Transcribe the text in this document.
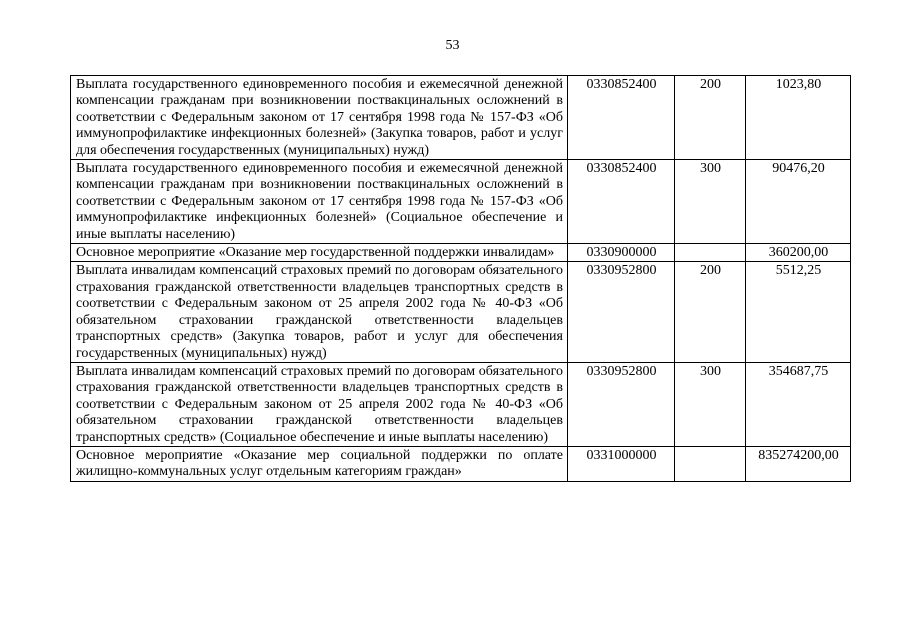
53
Выплата государственного единовременного пособия и ежемесячной денежной компенсации гражданам при возникновении поствакцинальных осложнений в соответствии с Федеральным законом от 17 сентября 1998 года № 157-ФЗ «Об иммунопрофилактике инфекционных болезней» (Закупка товаров, работ и услуг для обеспечения государственных (муниципальных) нужд)	0330852400	200	1023,80
Выплата государственного единовременного пособия и ежемесячной денежной компенсации гражданам при возникновении поствакцинальных осложнений в соответствии с Федеральным законом от 17 сентября 1998 года № 157-ФЗ «Об иммунопрофилактике инфекционных болезней» (Социальное обеспечение и иные выплаты населению)	0330852400	300	90476,20
Основное мероприятие «Оказание мер государственной поддержки инвалидам»	0330900000		360200,00
Выплата инвалидам компенсаций страховых премий по договорам обязательного страхования гражданской ответственности владельцев транспортных средств в соответствии с Федеральным законом от 25 апреля 2002 года № 40-ФЗ «Об обязательном страховании гражданской ответственности владельцев транспортных средств» (Закупка товаров, работ и услуг для обеспечения государственных (муниципальных) нужд)	0330952800	200	5512,25
Выплата инвалидам компенсаций страховых премий по договорам обязательного страхования гражданской ответственности владельцев транспортных средств в соответствии с Федеральным законом от 25 апреля 2002 года № 40-ФЗ «Об обязательном страховании гражданской ответственности владельцев транспортных средств» (Социальное обеспечение и иные выплаты населению)	0330952800	300	354687,75
Основное мероприятие «Оказание мер социальной поддержки по оплате жилищно-коммунальных услуг отдельным категориям граждан»	0331000000		835274200,00
